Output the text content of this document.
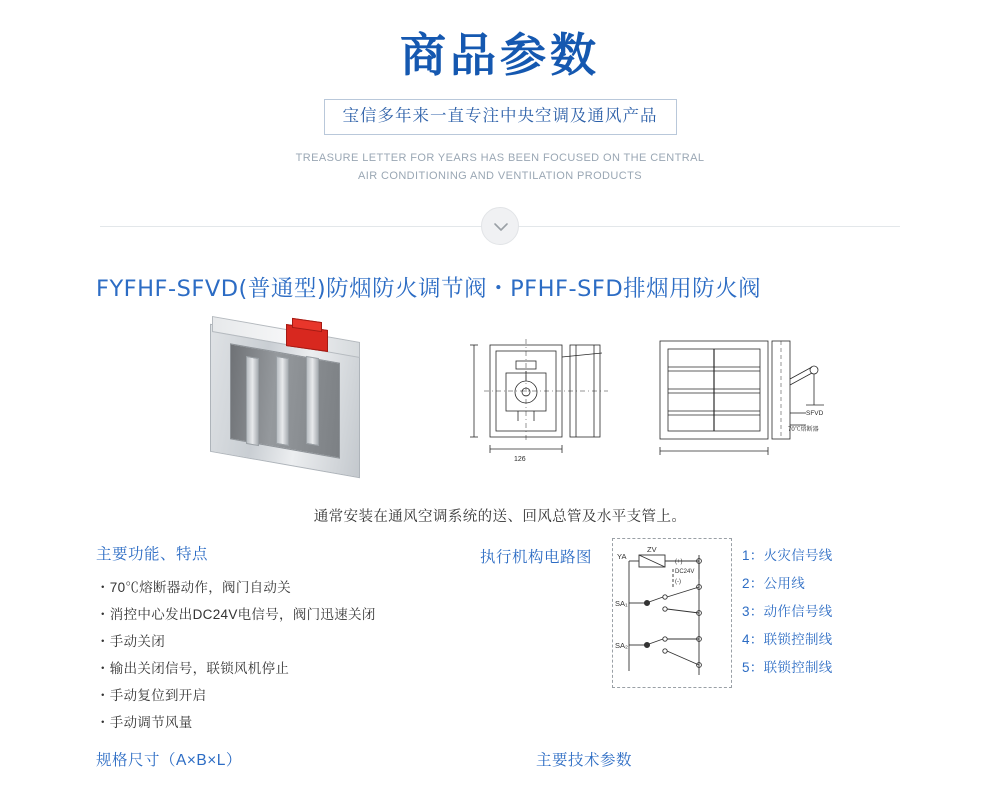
商品参数
宝信多年来一直专注中央空调及通风产品
TREASURE LETTER FOR YEARS HAS BEEN FOCUSED ON THE CENTRAL
AIR CONDITIONING AND VENTILATION PRODUCTS
FYFHF-SFVD(普通型)防烟防火调节阀・PFHF-SFD排烟用防火阀
126
SFVD
70℃熔断器
通常安装在通风空调系统的送、回风总管及水平支管上。
主要功能、特点
・70℃熔断器动作，阀门自动关
・消控中心发出DC24V电信号，阀门迅速关闭
・手动关闭
・输出关闭信号，联锁风机停止
・手动复位到开启
・手动调节风量
执行机构电路图	YA
ZV
(+)
DC24V
(-)
SA₁
SA₂
1：火灾信号线
2：公用线
3：动作信号线
4：联锁控制线
5：联锁控制线
规格尺寸（A×B×L）	主要技术参数
